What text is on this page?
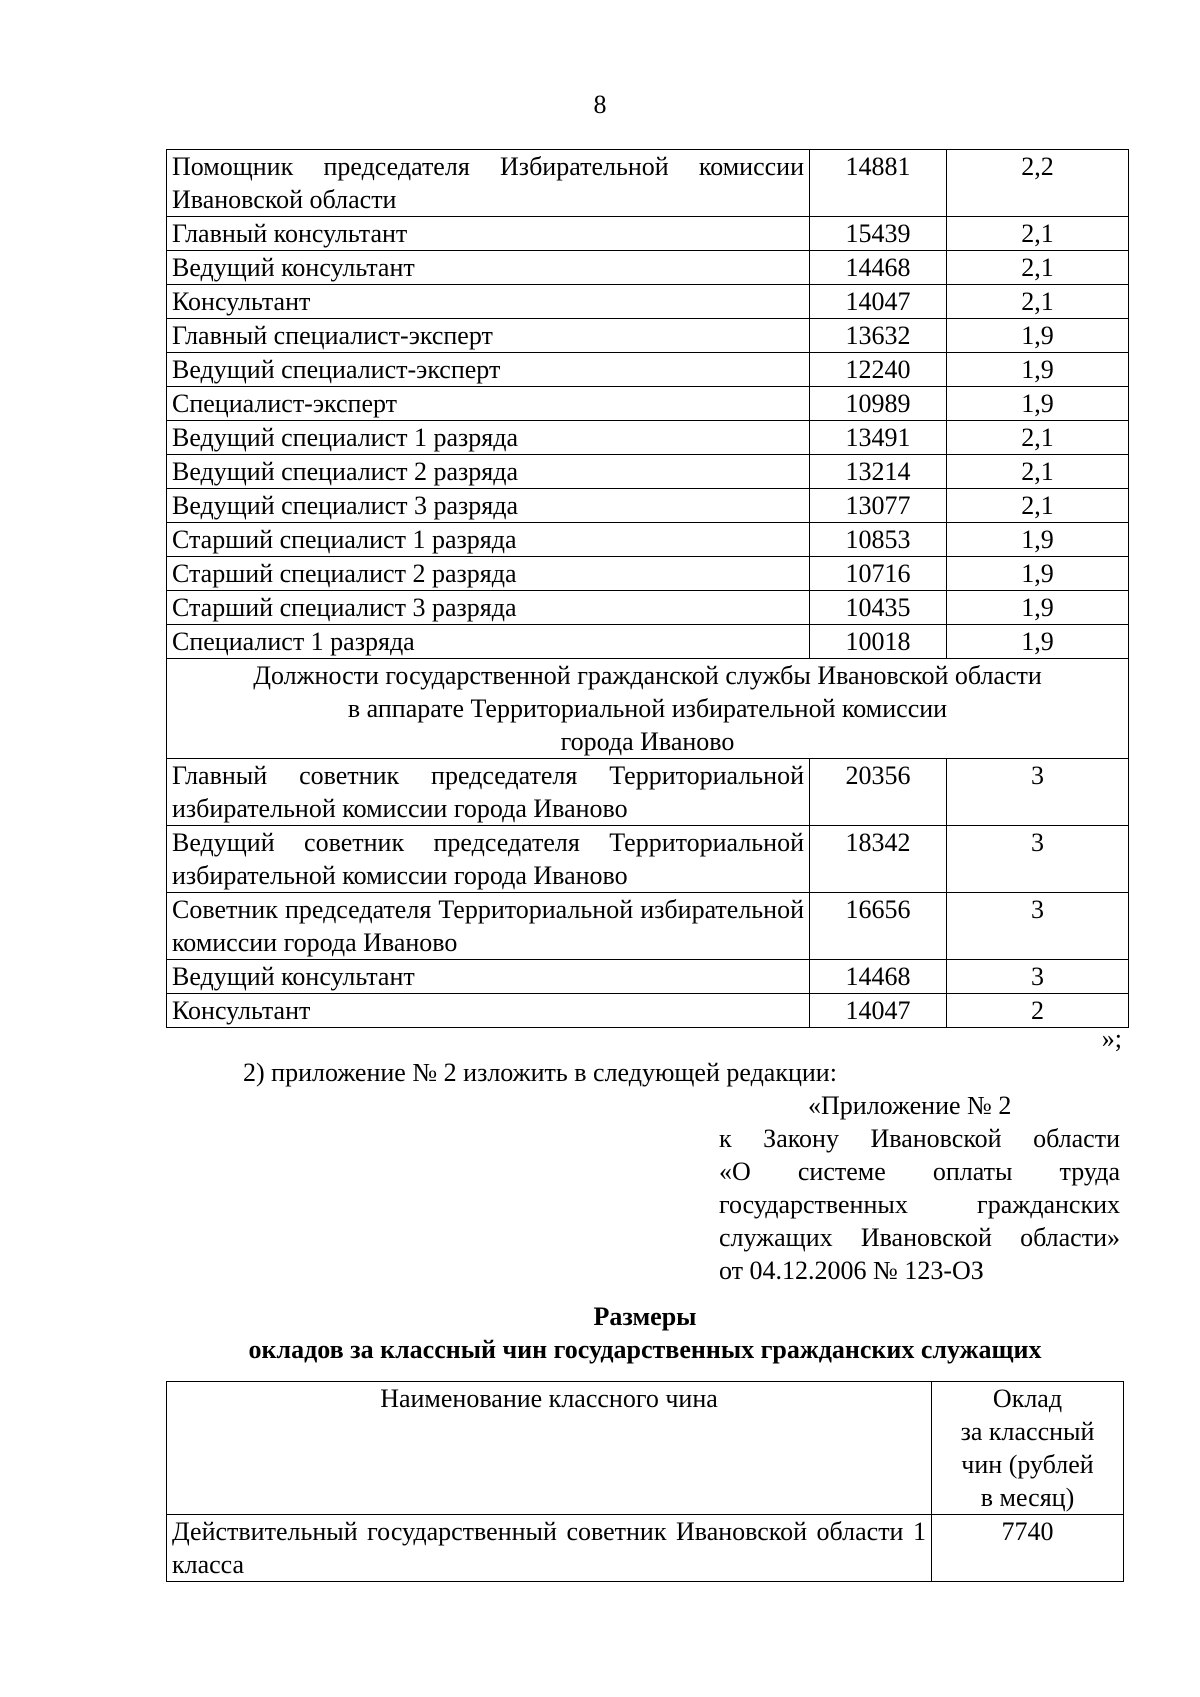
8
Помощник председателя Избирательной комиссии Ивановской области	14881	2,2
Главный консультант	15439	2,1
Ведущий консультант	14468	2,1
Консультант	14047	2,1
Главный специалист-эксперт	13632	1,9
Ведущий специалист-эксперт	12240	1,9
Специалист-эксперт	10989	1,9
Ведущий специалист 1 разряда	13491	2,1
Ведущий специалист 2 разряда	13214	2,1
Ведущий специалист 3 разряда	13077	2,1
Старший специалист 1 разряда	10853	1,9
Старший специалист 2 разряда	10716	1,9
Старший специалист 3 разряда	10435	1,9
Специалист 1 разряда	10018	1,9

Должности государственной гражданской службы Ивановской области
в аппарате Территориальной избирательной комиссии
города Иваново		

Главный советник председателя Территориальной избирательной комиссии города Иваново	20356	3
Ведущий советник председателя Территориальной избирательной комиссии города Иваново	18342	3
Советник председателя Территориальной избирательной комиссии города Иваново	16656	3
Ведущий консультант	14468	3
Консультант	14047	2
»;
2) приложение № 2 изложить в следующей редакции:
«Приложение № 2
к Закону Ивановской области
«О системе оплаты труда
государственных гражданских
служащих Ивановской области»
от 04.12.2006 № 123-ОЗ
Размеры
окладов за классный чин государственных гражданских служащих
Наименование классного чина	Оклад
за классный
чин (рублей
в месяц)

Действительный государственный советник Ивановской области 1 класса	7740
